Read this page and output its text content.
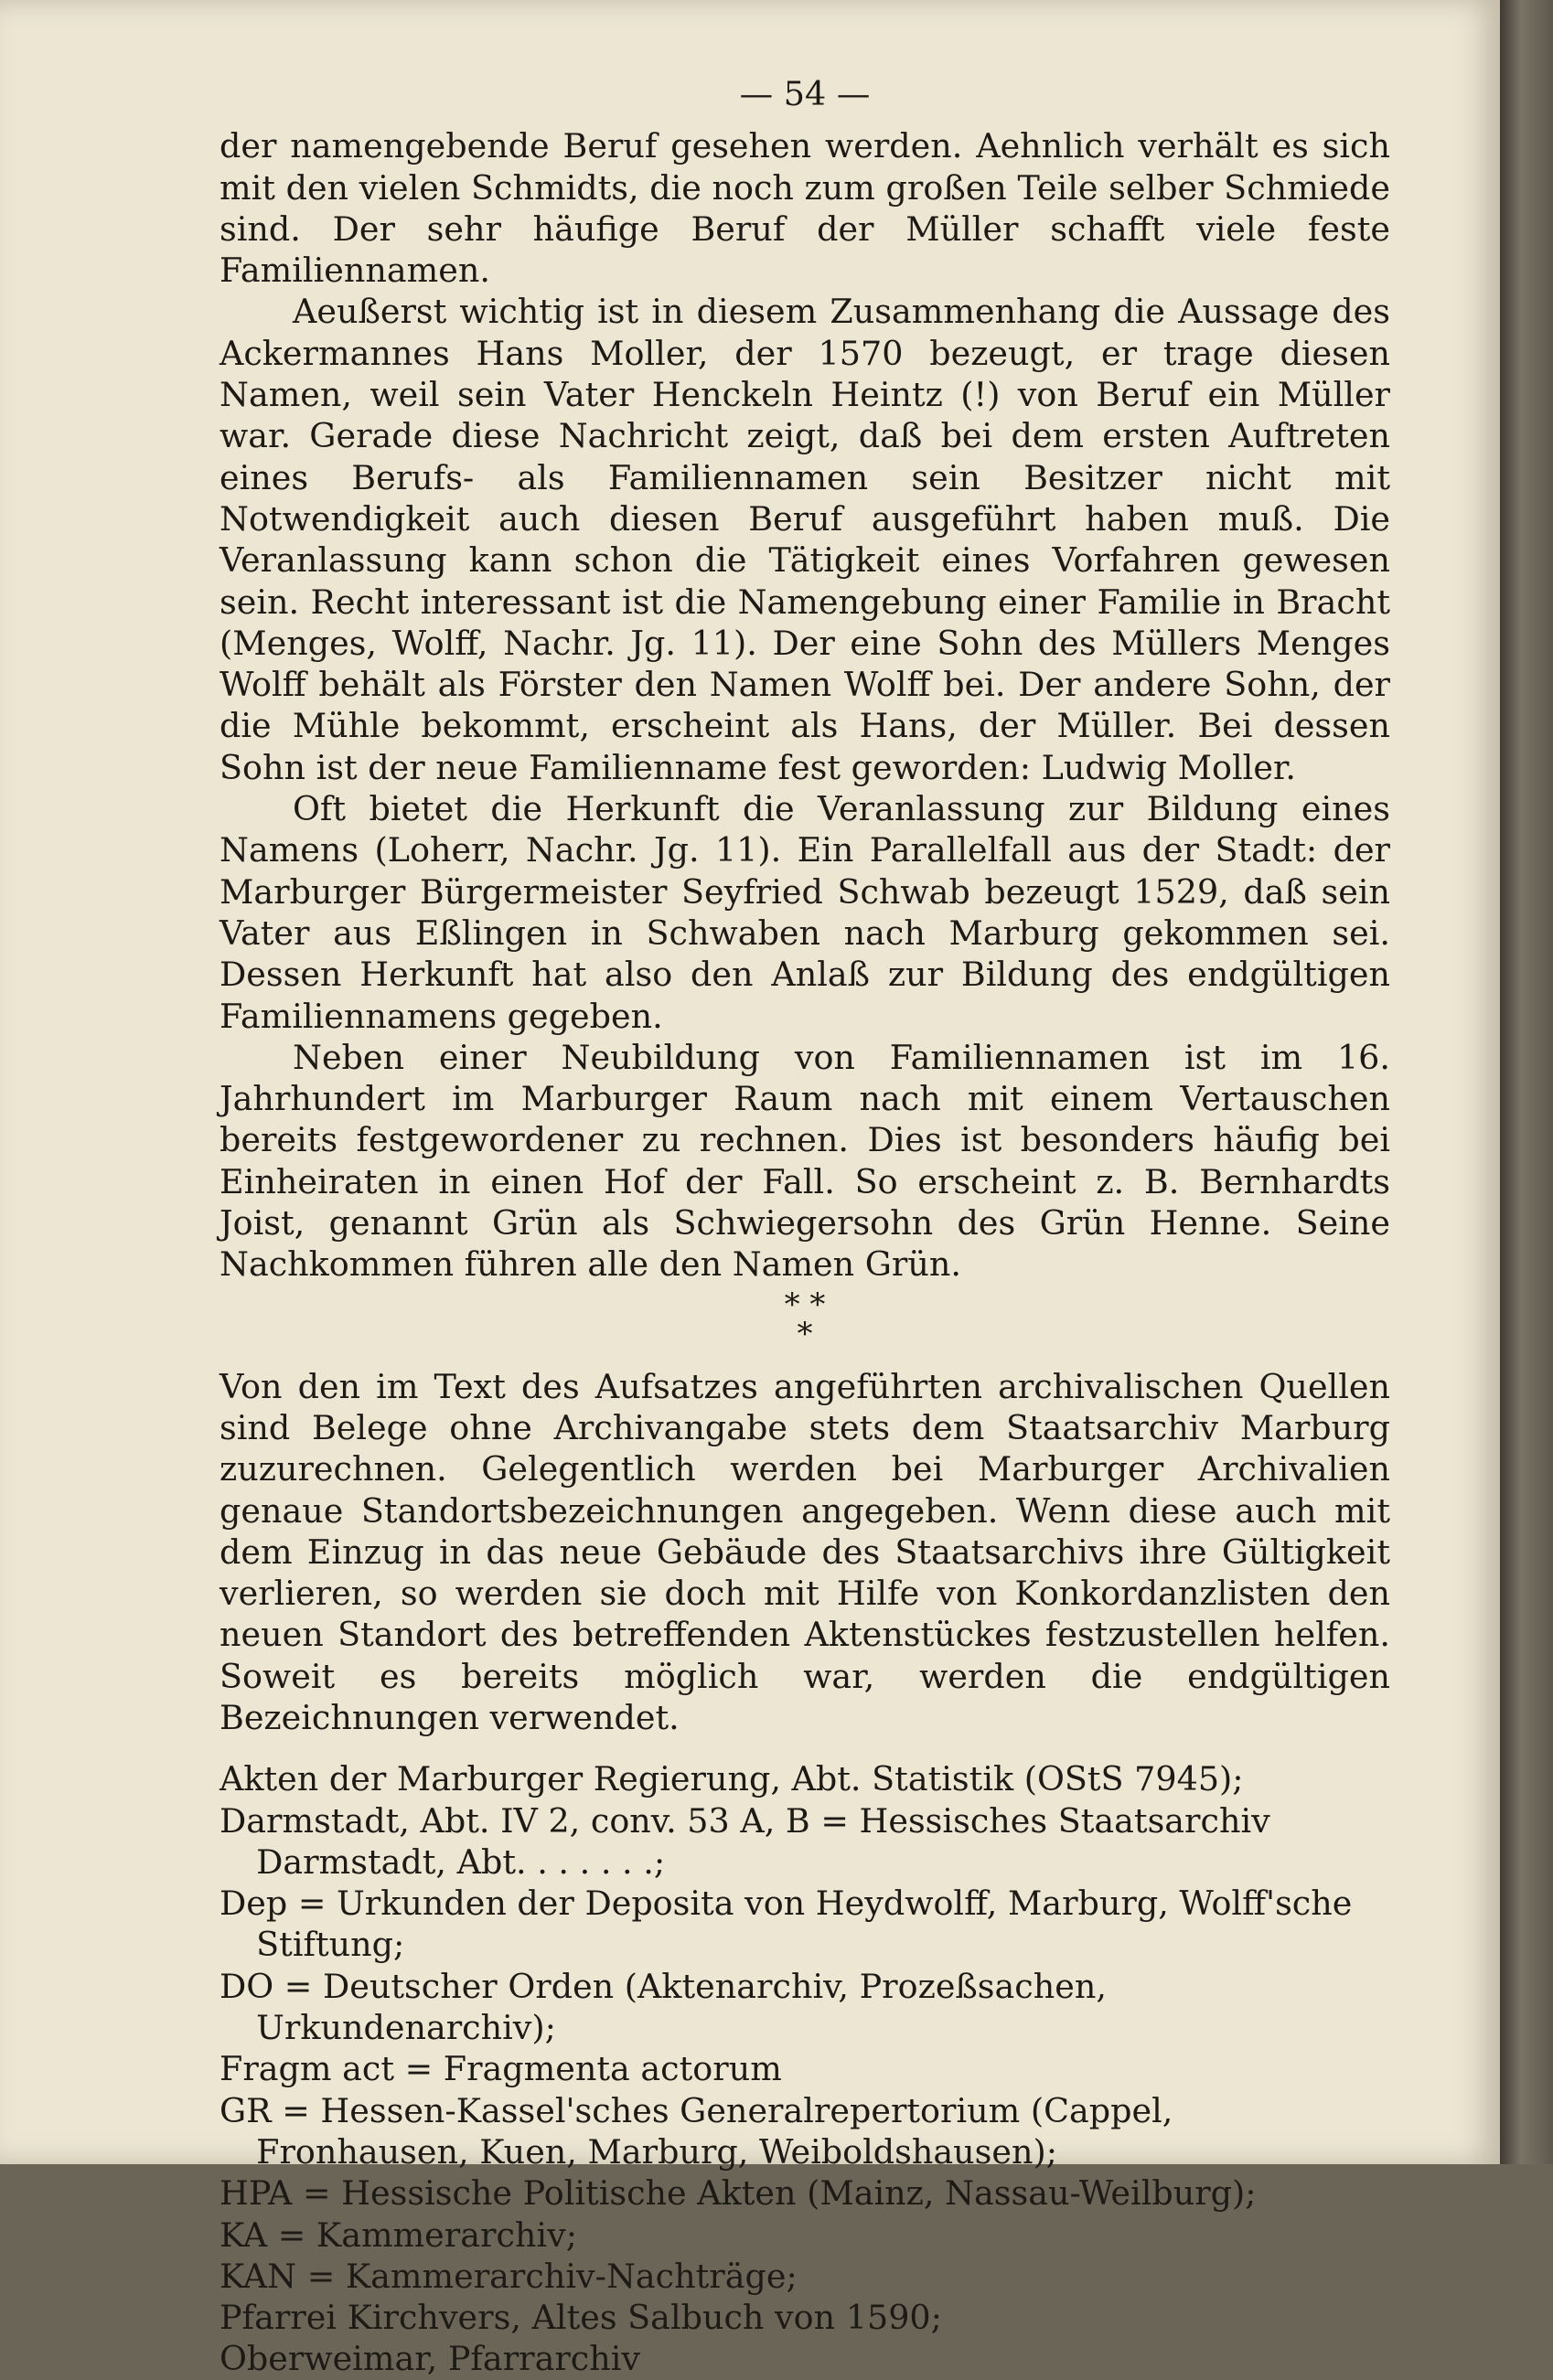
— 54 —

der namengebende Beruf gesehen werden. Aehnlich verhält es sich mit den vielen Schmidts, die noch zum großen Teile selber Schmiede sind. Der sehr häufige Beruf der Müller schafft viele feste Familiennamen.

Aeußerst wichtig ist in diesem Zusammenhang die Aussage des Ackermannes Hans Moller, der 1570 bezeugt, er trage diesen Namen, weil sein Vater Henckeln Heintz (!) von Beruf ein Müller war. Gerade diese Nachricht zeigt, daß bei dem ersten Auftreten eines Berufs- als Familiennamen sein Besitzer nicht mit Notwendigkeit auch diesen Beruf ausgeführt haben muß. Die Veranlassung kann schon die Tätigkeit eines Vorfahren gewesen sein. Recht interessant ist die Namengebung einer Familie in Bracht (Menges, Wolff, Nachr. Jg. 11). Der eine Sohn des Müllers Menges Wolff behält als Förster den Namen Wolff bei. Der andere Sohn, der die Mühle bekommt, erscheint als Hans, der Müller. Bei dessen Sohn ist der neue Familienname fest geworden: Ludwig Moller.

Oft bietet die Herkunft die Veranlassung zur Bildung eines Namens (Loherr, Nachr. Jg. 11). Ein Parallelfall aus der Stadt: der Marburger Bürgermeister Seyfried Schwab bezeugt 1529, daß sein Vater aus Eßlingen in Schwaben nach Marburg gekommen sei. Dessen Herkunft hat also den Anlaß zur Bildung des endgültigen Familiennamens gegeben.

Neben einer Neubildung von Familiennamen ist im 16. Jahrhundert im Marburger Raum nach mit einem Vertauschen bereits festgewordener zu rechnen. Dies ist besonders häufig bei Einheiraten in einen Hof der Fall. So erscheint z. B. Bernhardts Joist, genannt Grün als Schwiegersohn des Grün Henne. Seine Nachkommen führen alle den Namen Grün.

* *
*

Von den im Text des Aufsatzes angeführten archivalischen Quellen sind Belege ohne Archivangabe stets dem Staatsarchiv Marburg zuzurechnen. Gelegentlich werden bei Marburger Archivalien genaue Standortsbezeichnungen angegeben. Wenn diese auch mit dem Einzug in das neue Gebäude des Staatsarchivs ihre Gültigkeit verlieren, so werden sie doch mit Hilfe von Konkordanzlisten den neuen Standort des betreffenden Aktenstückes festzustellen helfen. Soweit es bereits möglich war, werden die endgültigen Bezeichnungen verwendet.

Akten der Marburger Regierung, Abt. Statistik (OStS 7945);

Darmstadt, Abt. IV 2, conv. 53 A, B = Hessisches Staatsarchiv Darmstadt, Abt. . . . . . .;

Dep = Urkunden der Deposita von Heydwolff, Marburg, Wolff'sche Stiftung;

DO = Deutscher Orden (Aktenarchiv, Prozeßsachen, Urkundenarchiv);

Fragm act = Fragmenta actorum

GR = Hessen-Kassel'sches Generalrepertorium (Cappel, Fronhausen, Kuen, Marburg, Weiboldshausen);

HPA = Hessische Politische Akten (Mainz, Nassau-Weilburg);

KA = Kammerarchiv;

KAN = Kammerarchiv-Nachträge;

Pfarrei Kirchvers, Altes Salbuch von 1590;

Oberweimar, Pfarrarchiv
